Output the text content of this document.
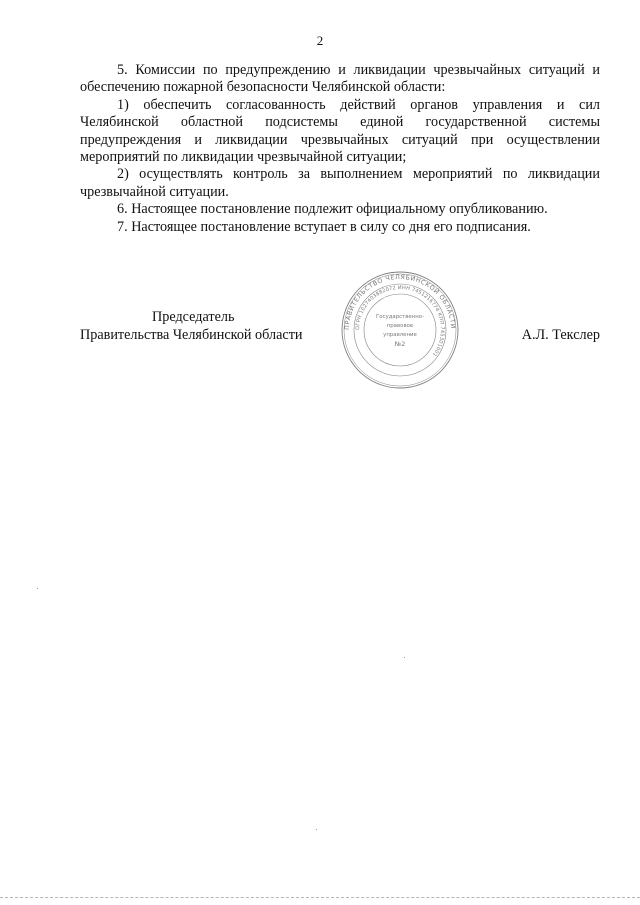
2

5. Комиссии по предупреждению и ликвидации чрезвычайных ситуаций и обеспечению пожарной безопасности Челябинской области:

1) обеспечить согласованность действий органов управления и сил Челябинской областной подсистемы единой государственной системы предупреждения и ликвидации чрезвычайных ситуаций при осуществлении мероприятий по ликвидации чрезвычайной ситуации;

2) осуществлять контроль за выполнением мероприятий по ликвидации чрезвычайной ситуации.

6. Настоящее постановление подлежит официальному опубликованию.

7. Настоящее постановление вступает в силу со дня его подписания.

Председатель
Правительства Челябинской области	А.Л. Текслер
ПРАВИТЕЛЬСТВО ЧЕЛЯБИНСКОЙ ОБЛАСТИ
ОГРН 1027403882072 ИНН 7451216774 КПП 745301001
Государственно-
правовое
управление
№2
